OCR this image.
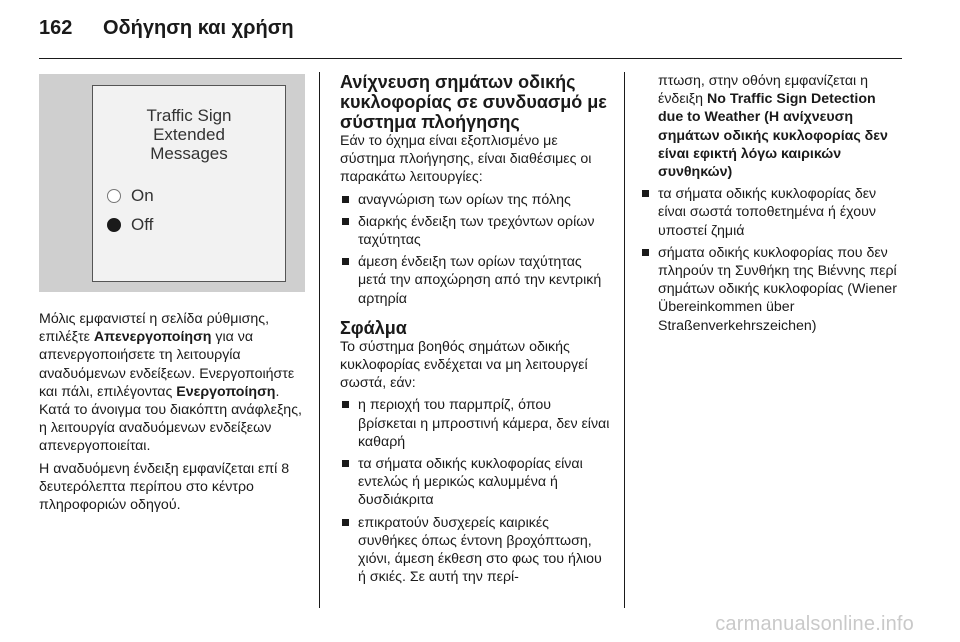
162 Οδήγηση και χρήση
Traffic Sign
Extended
Messages
On
Off

Μόλις εμφανιστεί η σελίδα ρύθμισης, επιλέξτε Απενεργοποίηση για να απενεργοποιήσετε τη λειτουργία αναδυόμενων ενδείξεων. Ενεργοποιήστε και πάλι, επιλέγοντας Ενεργοποίηση.

Κατά το άνοιγμα του διακόπτη ανάφλεξης, η λειτουργία αναδυόμενων ενδείξεων απενεργοποιείται.

Η αναδυόμενη ένδειξη εμφανίζεται επί 8 δευτερόλεπτα περίπου στο κέντρο πληροφοριών οδηγού.

Ανίχνευση σημάτων οδικής κυκλοφορίας σε συνδυασμό με σύστημα πλοήγησης

Εάν το όχημα είναι εξοπλισμένο με σύστημα πλοήγησης, είναι διαθέσιμες οι παρακάτω λειτουργίες:

αναγνώριση των ορίων της πόλης
διαρκής ένδειξη των τρεχόντων ορίων ταχύτητας
άμεση ένδειξη των ορίων ταχύτητας μετά την αποχώρηση από την κεντρική αρτηρία
Σφάλμα

Το σύστημα βοηθός σημάτων οδικής κυκλοφορίας ενδέχεται να μη λειτουργεί σωστά, εάν:

η περιοχή του παρμπρίζ, όπου βρίσκεται η μπροστινή κάμερα, δεν είναι καθαρή
τα σήματα οδικής κυκλοφορίας είναι εντελώς ή μερικώς καλυμμένα ή δυσδιάκριτα
επικρατούν δυσχερείς καιρικές συνθήκες όπως έντονη βροχόπτωση, χιόνι, άμεση έκθεση στο φως του ήλιου ή σκιές. Σε αυτή την περί-

πτωση, στην οθόνη εμφανίζεται η ένδειξη No Traffic Sign Detection due to Weather (Η ανίχνευση σημάτων οδικής κυκλοφορίας δεν είναι εφικτή λόγω καιρικών συνθηκών)

τα σήματα οδικής κυκλοφορίας δεν είναι σωστά τοποθετημένα ή έχουν υποστεί ζημιά
σήματα οδικής κυκλοφορίας που δεν πληρούν τη Συνθήκη της Βιέννης περί σημάτων οδικής κυκλοφορίας (Wiener Übereinkommen über Straßenverkehrszeichen)
carmanualsonline.info
